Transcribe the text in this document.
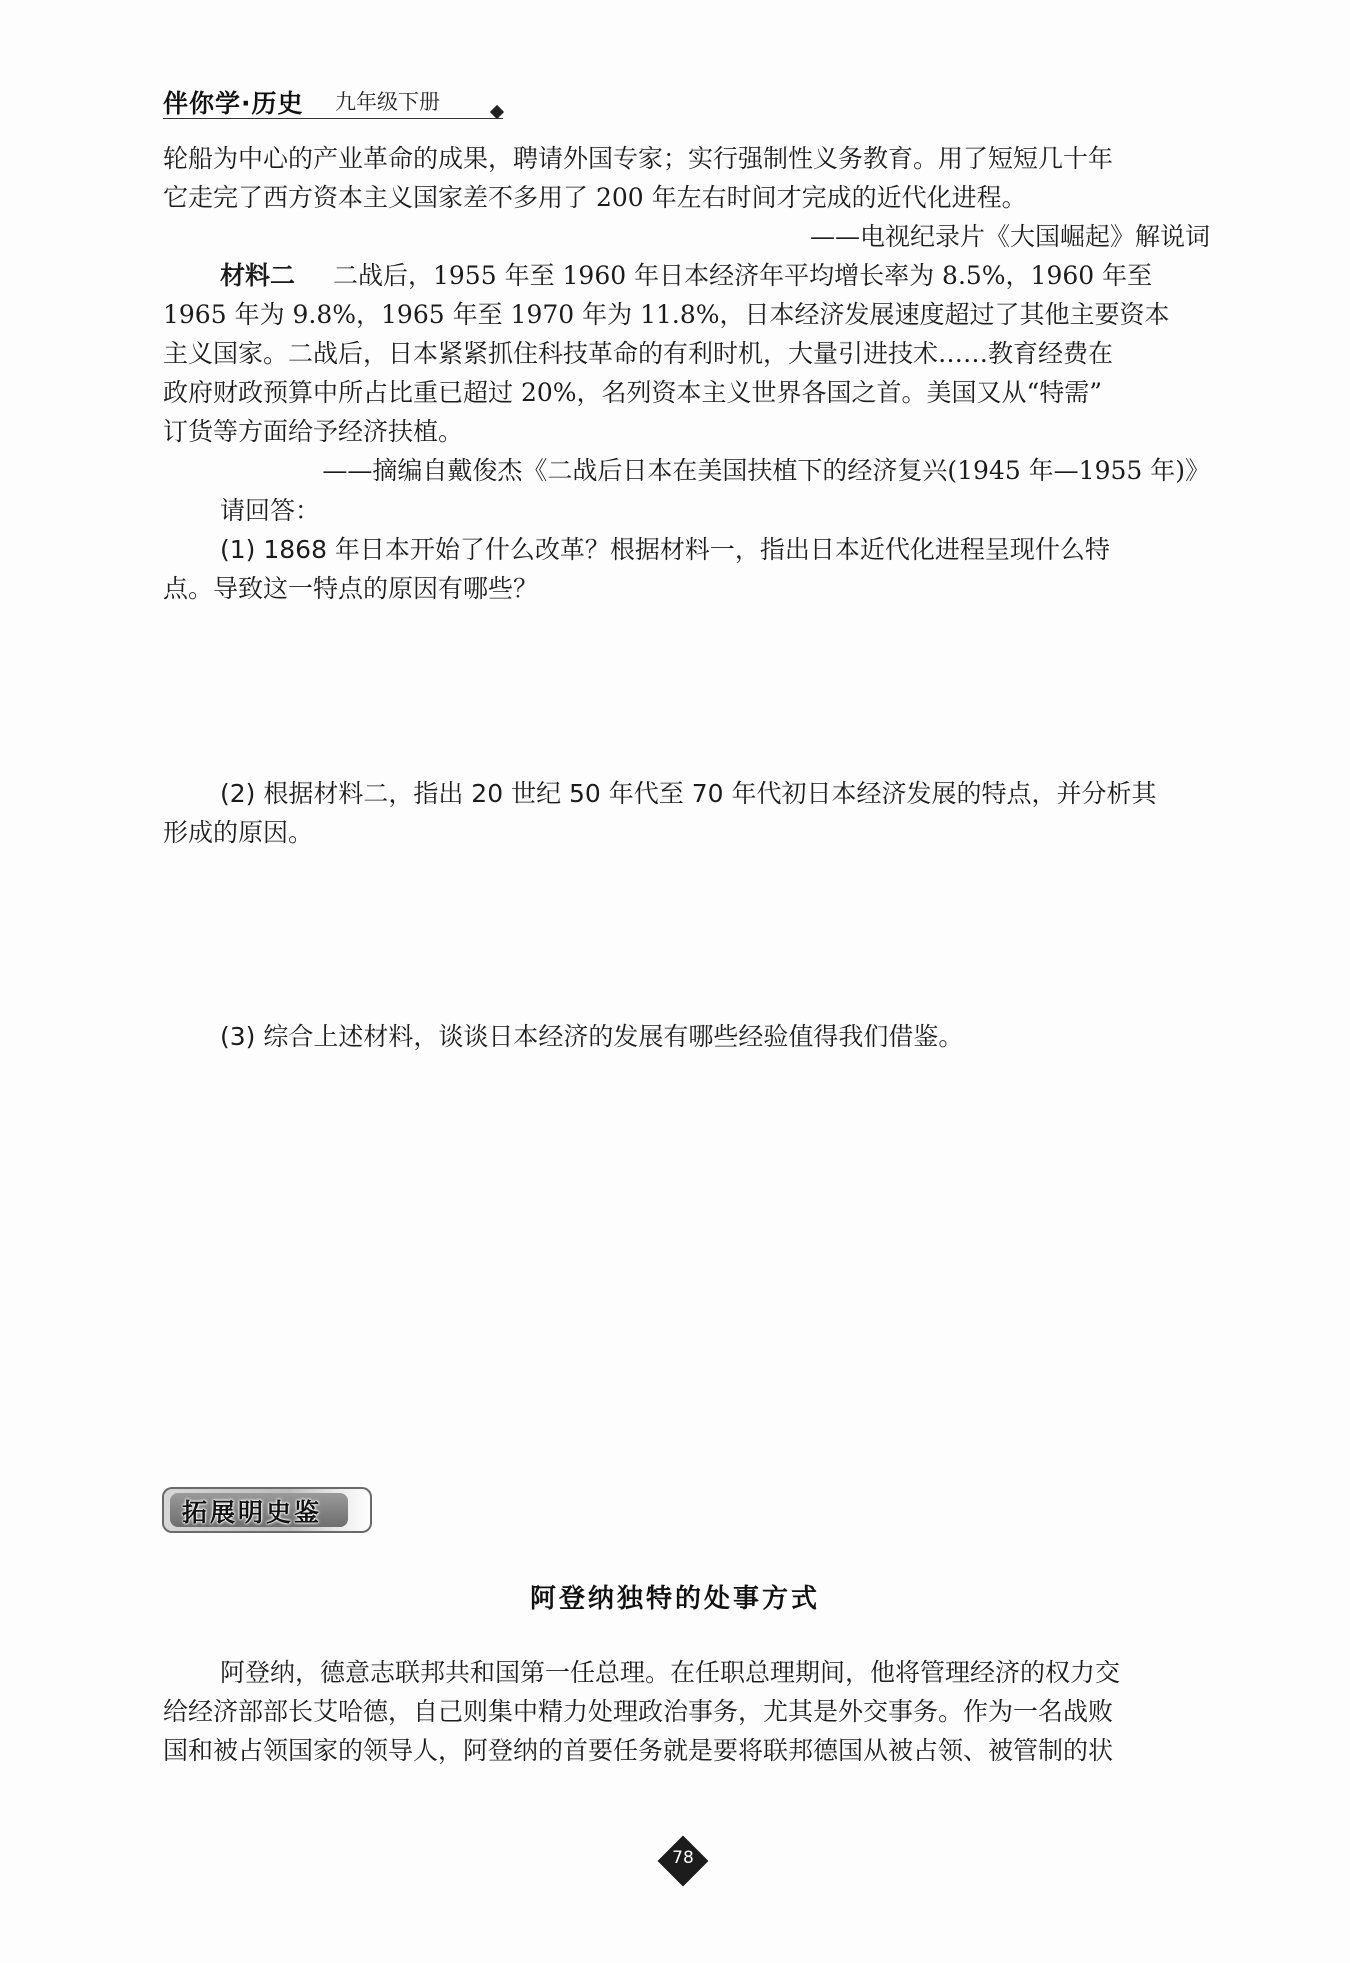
伴你学·历史 九年级下册
轮船为中心的产业革命的成果，聘请外国专家；实行强制性义务教育。用了短短几十年
它走完了西方资本主义国家差不多用了 200 年左右时间才完成的近代化进程。
——电视纪录片《大国崛起》解说词
材料二 二战后，1955 年至 1960 年日本经济年平均增长率为 8.5%，1960 年至
1965 年为 9.8%，1965 年至 1970 年为 11.8%，日本经济发展速度超过了其他主要资本
主义国家。二战后，日本紧紧抓住科技革命的有利时机，大量引进技术……教育经费在
政府财政预算中所占比重已超过 20%，名列资本主义世界各国之首。美国又从“特需”
订货等方面给予经济扶植。
——摘编自戴俊杰《二战后日本在美国扶植下的经济复兴(1945 年—1955 年)》
请回答：
(1) 1868 年日本开始了什么改革？根据材料一，指出日本近代化进程呈现什么特
点。导致这一特点的原因有哪些？
(2) 根据材料二，指出 20 世纪 50 年代至 70 年代初日本经济发展的特点，并分析其
形成的原因。
(3) 综合上述材料，谈谈日本经济的发展有哪些经验值得我们借鉴。
拓展明史鉴
阿登纳独特的处事方式
阿登纳，德意志联邦共和国第一任总理。在任职总理期间，他将管理经济的权力交
给经济部部长艾哈德，自己则集中精力处理政治事务，尤其是外交事务。作为一名战败
国和被占领国家的领导人，阿登纳的首要任务就是要将联邦德国从被占领、被管制的状
78
